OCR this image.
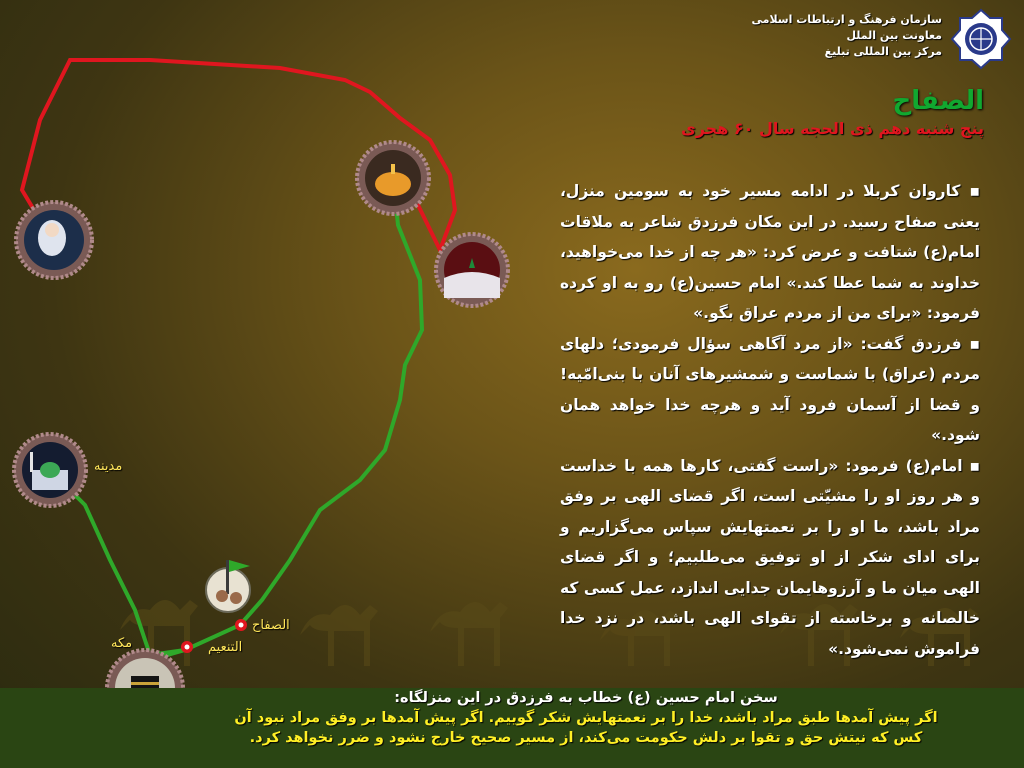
مدینه
مکه	التنعیم
الصفاح
سازمان فرهنگ و ارتباطات اسلامی
معاونت بین الملل
مرکز بین المللی تبلیغ
الصفاح
پنج شنبه دهم ذی الحجه سال ۶۰ هجری

▪ کاروان کربلا در ادامه مسیر خود به سومین منزل، یعنی صفاح رسید. در این مکان فرزدق شاعر به ملاقات امام(ع) شتافت و عرض کرد: «هر چه از خدا می‌خواهید، خداوند به شما عطا کند.» امام حسین(ع) رو به او کرده فرمود: «برای من از مردم عراق بگو.»

▪ فرزدق گفت: «از مرد آگاهی سؤال فرمودی؛ دلهای مردم (عراق) با شماست و شمشیرهای آنان با بنی‌امّیه! و قضا از آسمان فرود آید و هرچه خدا خواهد همان شود.»

▪ امام(ع) فرمود: «راست گفتی، کارها همه با خداست و هر روز او را مشیّتی است، اگر قضای الهی بر وفق مراد باشد، ما او را بر نعمتهایش سپاس می‌گزاریم و برای ادای شکر از او توفیق می‌طلبیم؛ و اگر قضای الهی میان ما و آرزوهایمان جدایی اندازد، عمل کسی که خالصانه و برخاسته از تقوای الهی باشد، در نزد خدا فراموش نمی‌شود.»

سخن امام حسین (ع) خطاب به فرزدق در این منزلگاه:
اگر پیش آمدها طبق مراد باشد، خدا را بر نعمتهایش شکر گوییم. اگر پیش آمدها بر وفق مراد نبود آن
کس که نیتش حق و تقوا بر دلش حکومت می‌کند، از مسیر صحیح خارج نشود و ضرر نخواهد کرد.
